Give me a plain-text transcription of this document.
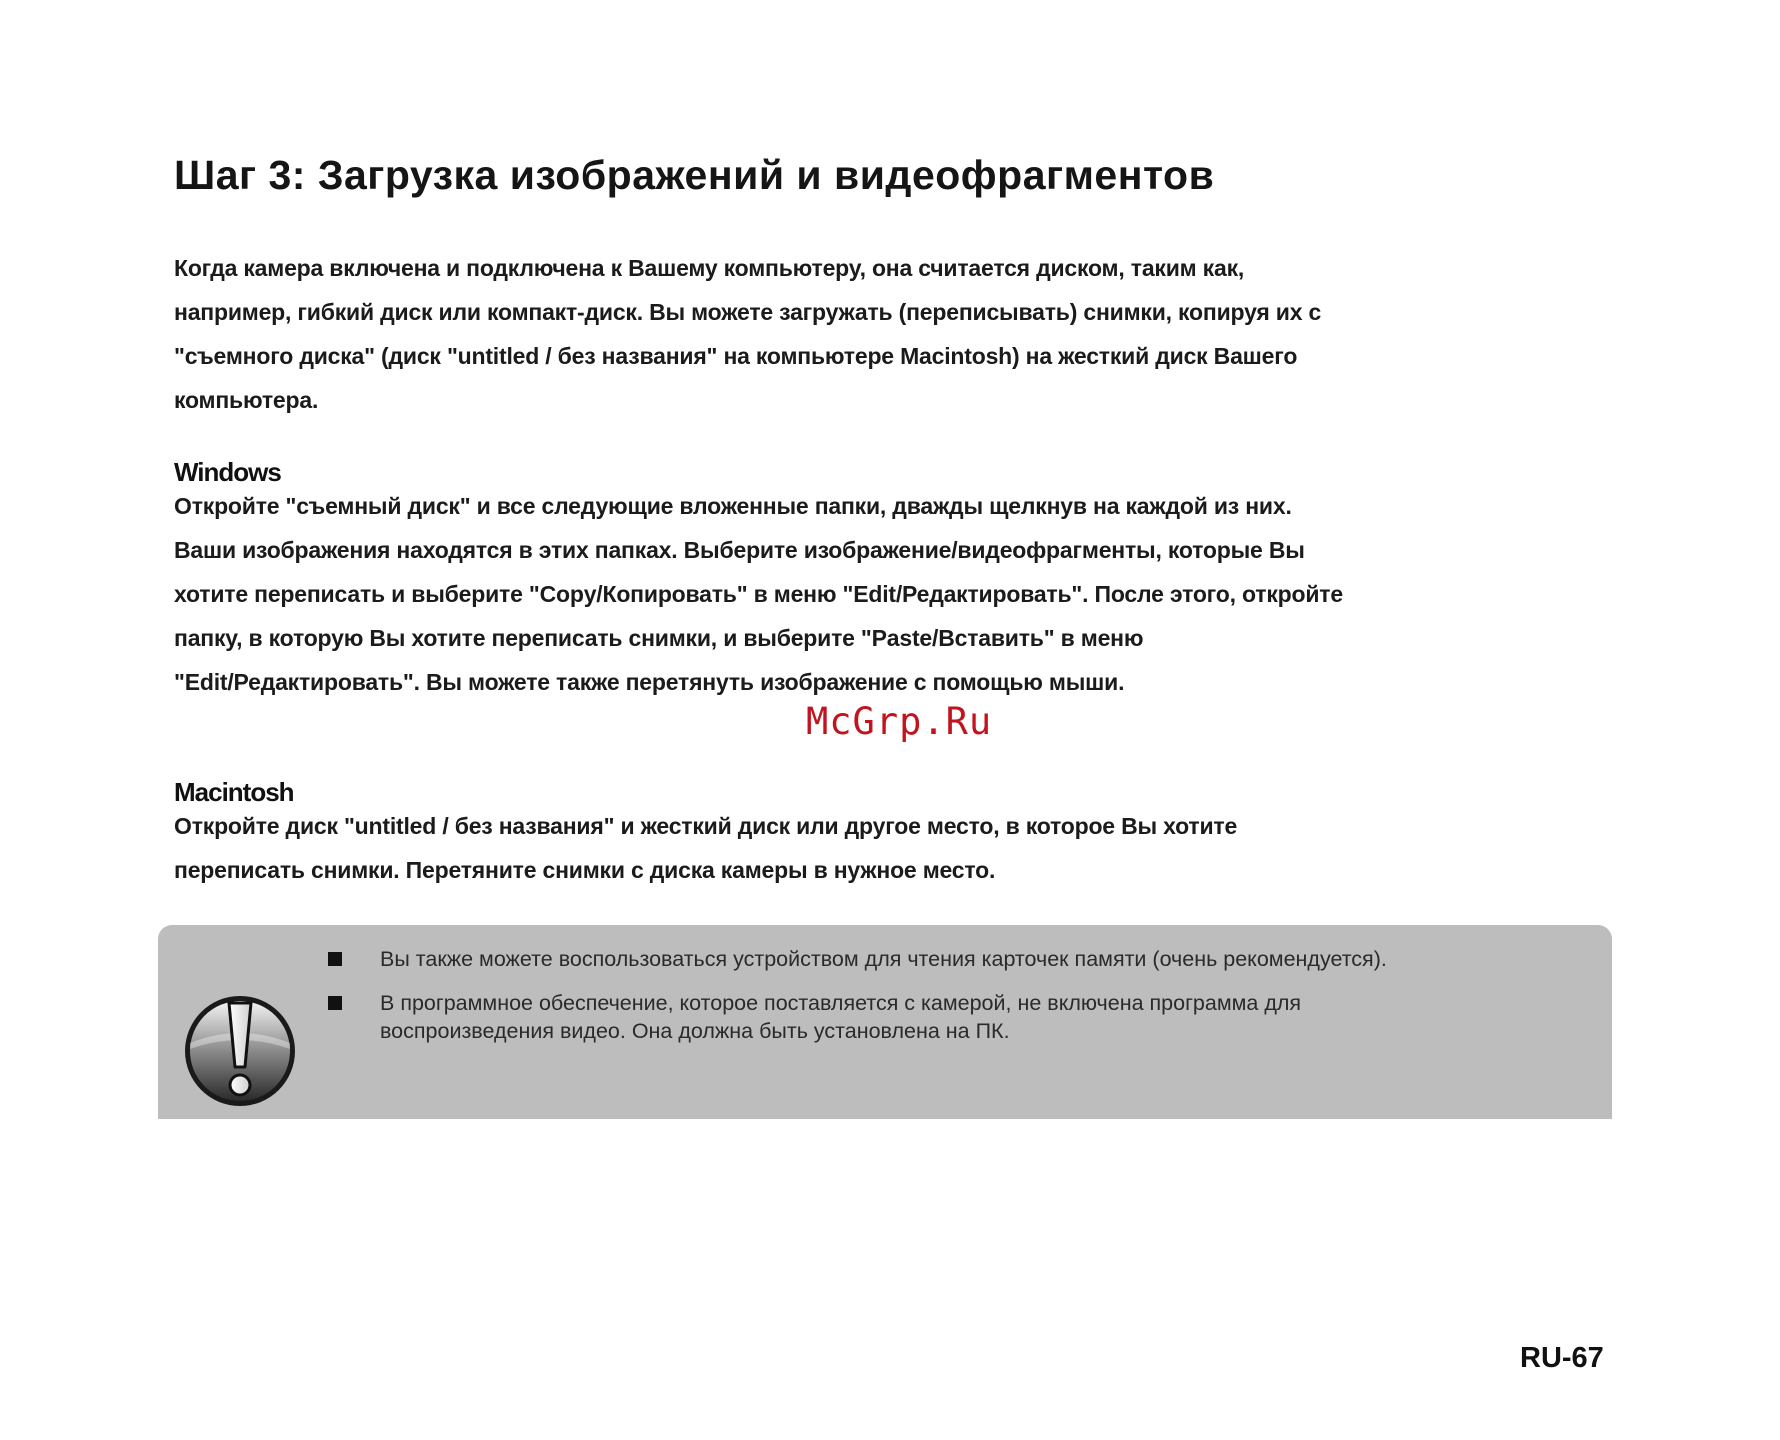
Шаг 3: Загрузка изображений и видеофрагментов
Когда камера включена и подключена к Вашему компьютеру, она считается диском, таким как,
например, гибкий диск или компакт-диск. Вы можете загружать (переписывать) снимки, копируя их с
"съемного диска" (диск "untitled / без названия" на компьютере Macintosh) на жесткий диск Вашего
компьютера.
Windows
Откройте "съемный диск" и все следующие вложенные папки, дважды щелкнув на каждой из них.
Ваши изображения находятся в этих папках. Выберите изображение/видеофрагменты, которые Вы
хотите переписать и выберите "Copy/Копировать" в меню "Edit/Редактировать". После этого, откройте
папку, в которую Вы хотите переписать снимки, и выберите "Paste/Вставить" в меню
"Edit/Редактировать". Вы можете также перетянуть изображение с помощью мыши.
McGrp.Ru
Macintosh
Откройте диск "untitled / без названия" и жесткий диск или другое место, в которое Вы хотите
переписать снимки. Перетяните снимки с диска камеры в нужное место.
Вы также можете воспользоваться устройством для чтения карточек памяти (очень рекомендуется).
В программное обеспечение, которое поставляется с камерой, не включена программа для
воспроизведения видео. Она должна быть установлена на ПК.
RU-67
